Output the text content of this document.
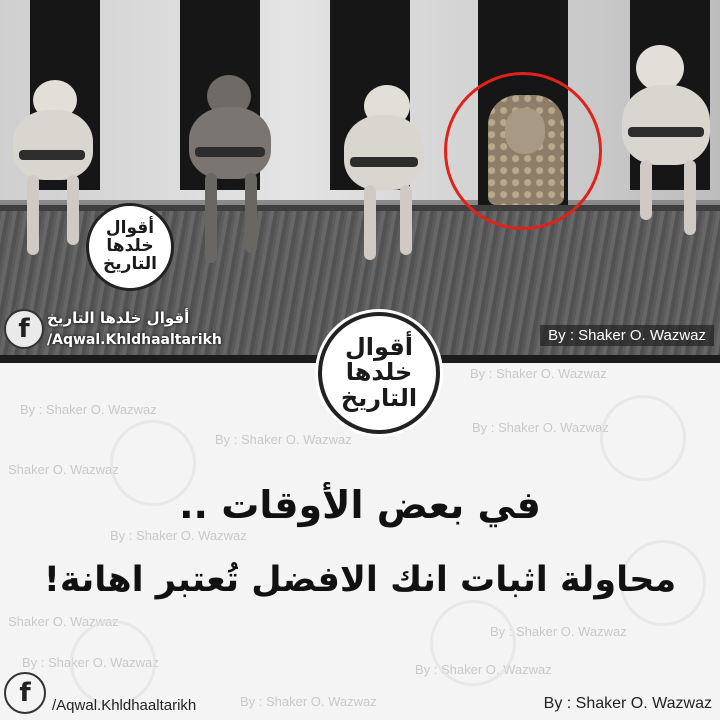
أقوال
خلدها
التاريخ
f	أقوال خلدها التاريخ
/Aqwal.Khldhaaltarikh	By : Shaker O. Wazwaz
By : Shaker O. Wazwaz
By : Shaker O. Wazwaz
By : Shaker O. Wazwaz
By : Shaker O. Wazwaz
Shaker O. Wazwaz
By : Shaker O. Wazwaz
Shaker O. Wazwaz
By : Shaker O. Wazwaz
By : Shaker O. Wazwaz
By : Shaker O. Wazwaz
By : Shaker O. Wazwaz
أقوال
خلدها
التاريخ
في بعض الأوقات ..
محاولة اثبات انك الافضل تُعتبر اهانة!
f	/Aqwal.Khldhaaltarikh	By : Shaker O. Wazwaz
